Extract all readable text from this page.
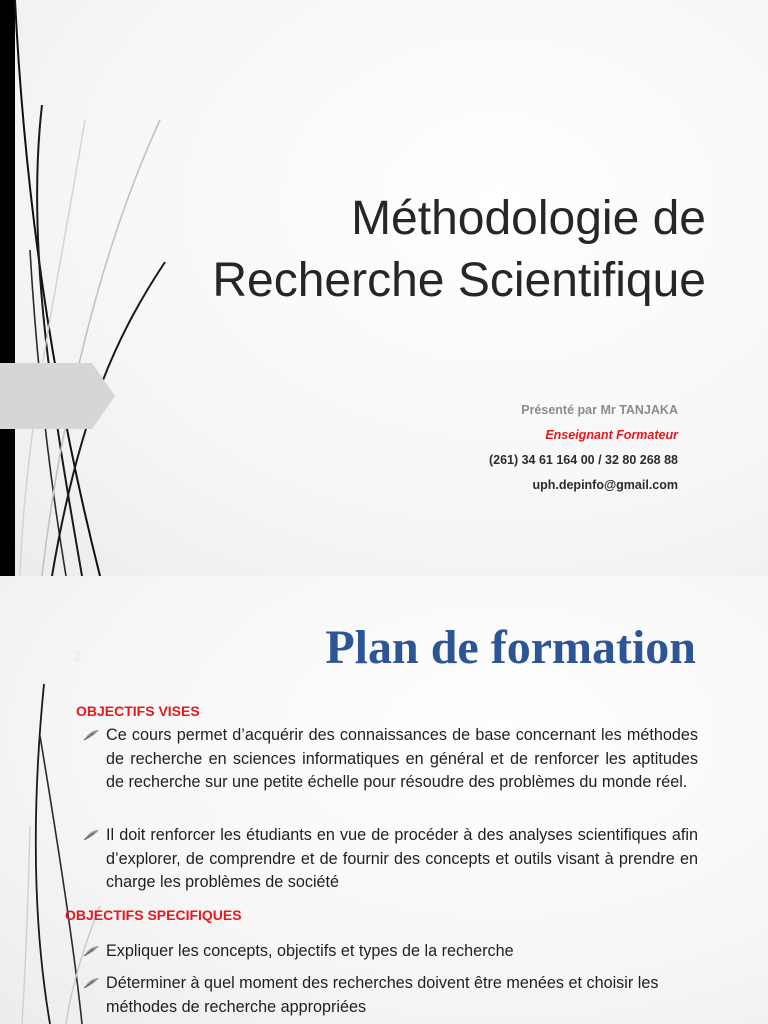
Méthodologie de
Recherche Scientifique
Présenté par Mr TANJAKA
Enseignant Formateur
(261) 34 61 164 00 / 32 80 268 88
uph.depinfo@gmail.com
2	Plan de formation
OBJECTIFS VISES
Ce cours permet d’acquérir des connaissances de base concernant les méthodes de recherche en sciences informatiques en général et de renforcer les aptitudes de recherche sur une petite échelle pour résoudre des problèmes du monde réel.
Il doit renforcer les étudiants en vue de procéder à des analyses scientifiques afin d’explorer, de comprendre et de fournir des concepts et outils visant à prendre en charge les problèmes de société
OBJECTIFS SPECIFIQUES
Expliquer les concepts, objectifs et types de la recherche
Déterminer à quel moment des recherches doivent être menées et choisir les méthodes de recherche appropriées
